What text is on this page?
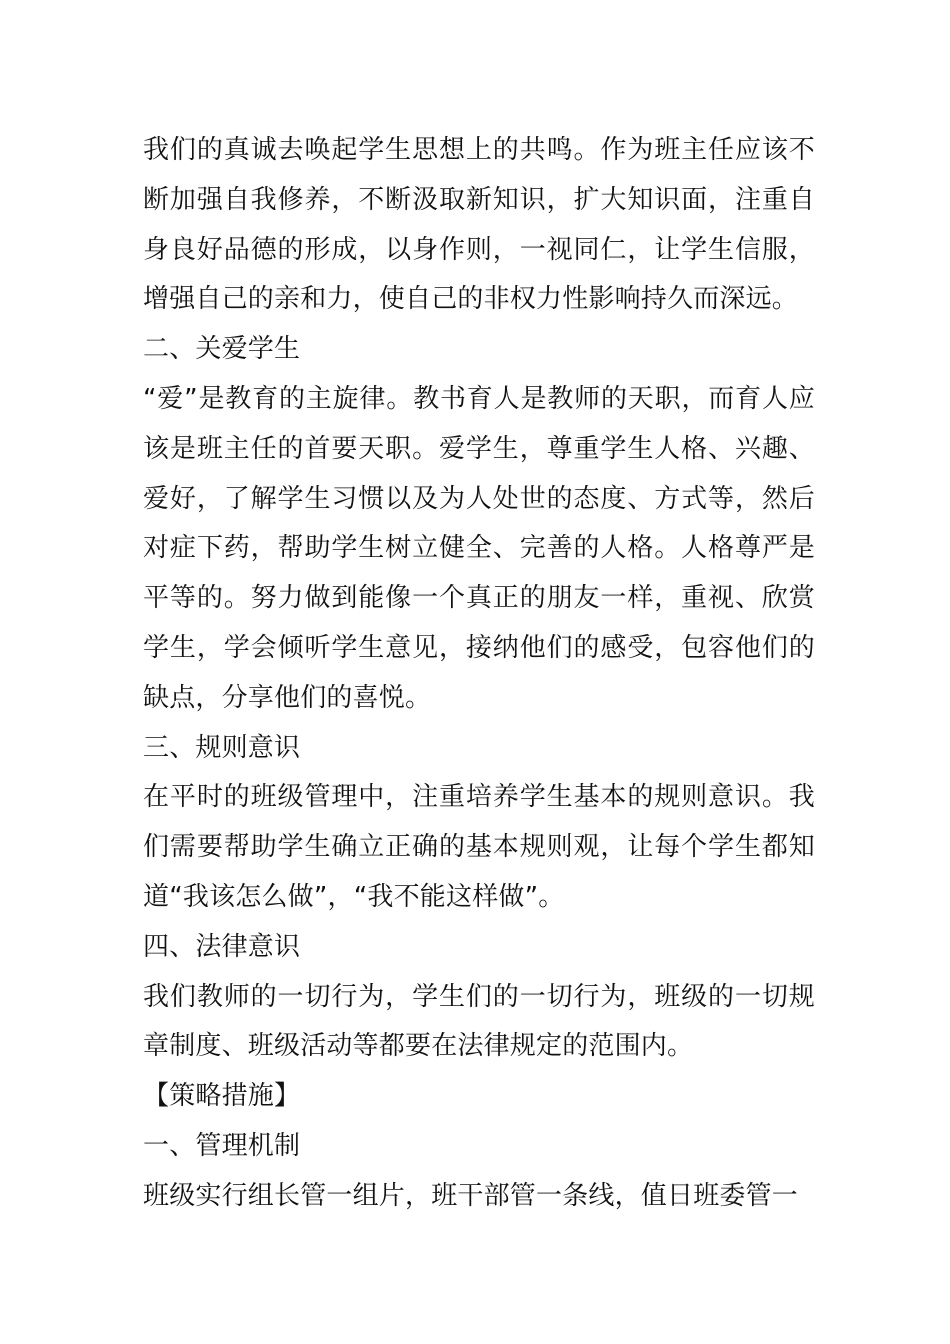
我们的真诚去唤起学生思想上的共鸣。作为班主任应该不断加强自我修养，不断汲取新知识，扩大知识面，注重自身良好品德的形成，以身作则，一视同仁，让学生信服，增强自己的亲和力，使自己的非权力性影响持久而深远。

二、关爱学生

“爱”是教育的主旋律。教书育人是教师的天职，而育人应该是班主任的首要天职。爱学生，尊重学生人格、兴趣、爱好，了解学生习惯以及为人处世的态度、方式等，然后对症下药，帮助学生树立健全、完善的人格。人格尊严是平等的。努力做到能像一个真正的朋友一样，重视、欣赏学生，学会倾听学生意见，接纳他们的感受，包容他们的缺点，分享他们的喜悦。

三、规则意识

在平时的班级管理中，注重培养学生基本的规则意识。我们需要帮助学生确立正确的基本规则观，让每个学生都知道“我该怎么做”，“我不能这样做”。

四、法律意识

我们教师的一切行为，学生们的一切行为，班级的一切规章制度、班级活动等都要在法律规定的范围内。

【策略措施】

一、管理机制

班级实行组长管一组片，班干部管一条线，值日班委管一
